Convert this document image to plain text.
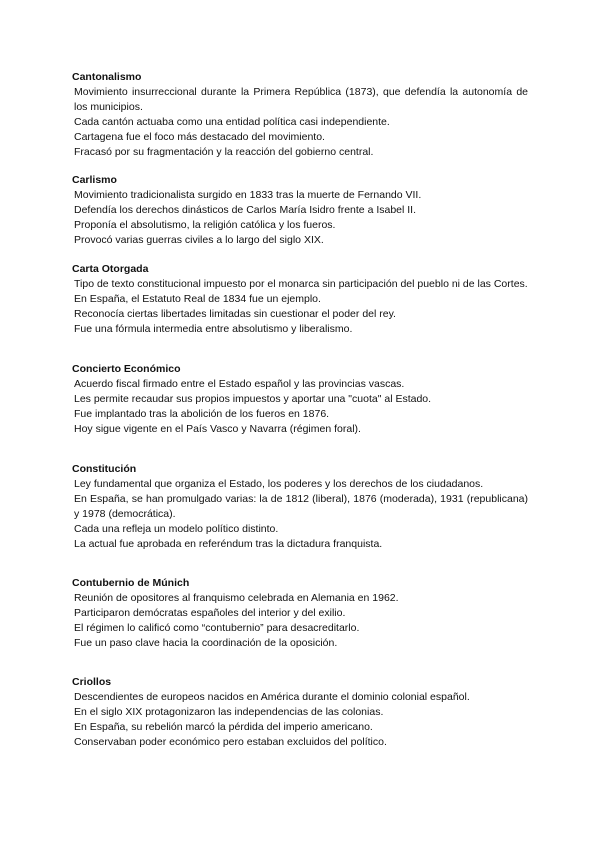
Cantonalismo
Movimiento insurreccional durante la Primera República (1873), que defendía la autonomía de los municipios.
Cada cantón actuaba como una entidad política casi independiente.
Cartagena fue el foco más destacado del movimiento.
Fracasó por su fragmentación y la reacción del gobierno central.
Carlismo
Movimiento tradicionalista surgido en 1833 tras la muerte de Fernando VII.
Defendía los derechos dinásticos de Carlos María Isidro frente a Isabel II.
Proponía el absolutismo, la religión católica y los fueros.
Provocó varias guerras civiles a lo largo del siglo XIX.
Carta Otorgada
Tipo de texto constitucional impuesto por el monarca sin participación del pueblo ni de las Cortes.
En España, el Estatuto Real de 1834 fue un ejemplo.
Reconocía ciertas libertades limitadas sin cuestionar el poder del rey.
Fue una fórmula intermedia entre absolutismo y liberalismo.
Concierto Económico
Acuerdo fiscal firmado entre el Estado español y las provincias vascas.
Les permite recaudar sus propios impuestos y aportar una "cuota" al Estado.
Fue implantado tras la abolición de los fueros en 1876.
Hoy sigue vigente en el País Vasco y Navarra (régimen foral).
Constitución
Ley fundamental que organiza el Estado, los poderes y los derechos de los ciudadanos.
En España, se han promulgado varias: la de 1812 (liberal), 1876 (moderada), 1931 (republicana) y 1978 (democrática).
Cada una refleja un modelo político distinto.
La actual fue aprobada en referéndum tras la dictadura franquista.
Contubernio de Múnich
Reunión de opositores al franquismo celebrada en Alemania en 1962.
Participaron demócratas españoles del interior y del exilio.
El régimen lo calificó como “contubernio” para desacreditarlo.
Fue un paso clave hacia la coordinación de la oposición.
Criollos
Descendientes de europeos nacidos en América durante el dominio colonial español.
En el siglo XIX protagonizaron las independencias de las colonias.
En España, su rebelión marcó la pérdida del imperio americano.
Conservaban poder económico pero estaban excluidos del político.
